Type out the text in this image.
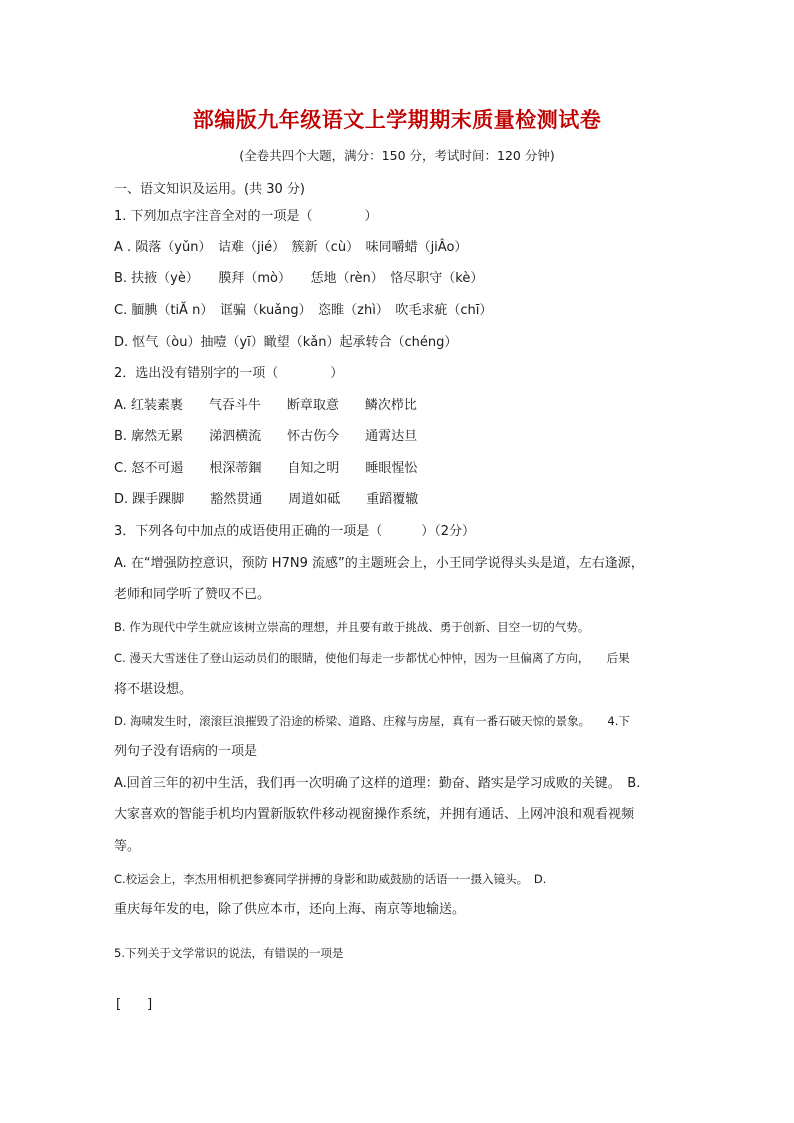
部编版九年级语文上学期期末质量检测试卷
(全卷共四个大题，满分：150 分，考试时间：120 分钟)
一、语文知识及运用。(共 30 分)
1. 下列加点字注音全对的一项是（　　　　）
A . 陨落（yǔn）　诘难（jié）　簇新（cù）　味同嚼蜡（jiÂo）
B. 扶掖（yè）　　膜拜（mò）　　恁地（rèn）　恪尽职守（kè）
C. 腼腆（tiĂ n）　诓骗（kuǎng）　恣睢（zhì）　吹毛求疵（chī）
D. 怄气（òu）抽噎（yī）瞰望（kǎn）起承转合（chéng）
2．选出没有错别字的一项（　　　　）
A. 红装素裹　　气吞斗牛　　断章取意　　鳞次栉比
B. 廓然无累　　涕泗横流　　怀古伤今　　通霄达旦
C. 怒不可遏　　根深蒂錮　　自知之明　　睡眼惺忪
D. 踝手踝脚　　豁然贯通　　周道如砥　　重蹈覆辙
3．下列各句中加点的成语使用正确的一项是（　　　）（2分）
A. 在“增强防控意识，预防 H7N9 流感”的主题班会上，小王同学说得头头是道，左右逢源，
老师和同学听了赞叹不已。
B. 作为现代中学生就应该树立崇高的理想，并且要有敢于挑战、勇于创新、目空一切的气势。
C. 漫天大雪迷住了登山运动员们的眼睛，使他们每走一步都忧心忡忡，因为一旦偏离了方向，　　后果
将不堪设想。
D. 海啸发生时，滚滚巨浪摧毁了沿途的桥梁、道路、庄稼与房屋，真有一番石破天惊的景象。　　4.下
列句子没有语病的一项是
A.回首三年的初中生活，我们再一次明确了这样的道理：勤奋、踏实是学习成败的关键。　B.
大家喜欢的智能手机均内置新版软件移动视窗操作系统，并拥有通话、上网冲浪和观看视频
等。
C.校运会上，李杰用相机把参赛同学拼搏的身影和助威鼓励的话语一一摄入镜头。　D.
重庆每年发的电，除了供应本市，还向上海、南京等地输送。
5.下列关于文学常识的说法，有错误的一项是
[　　]
